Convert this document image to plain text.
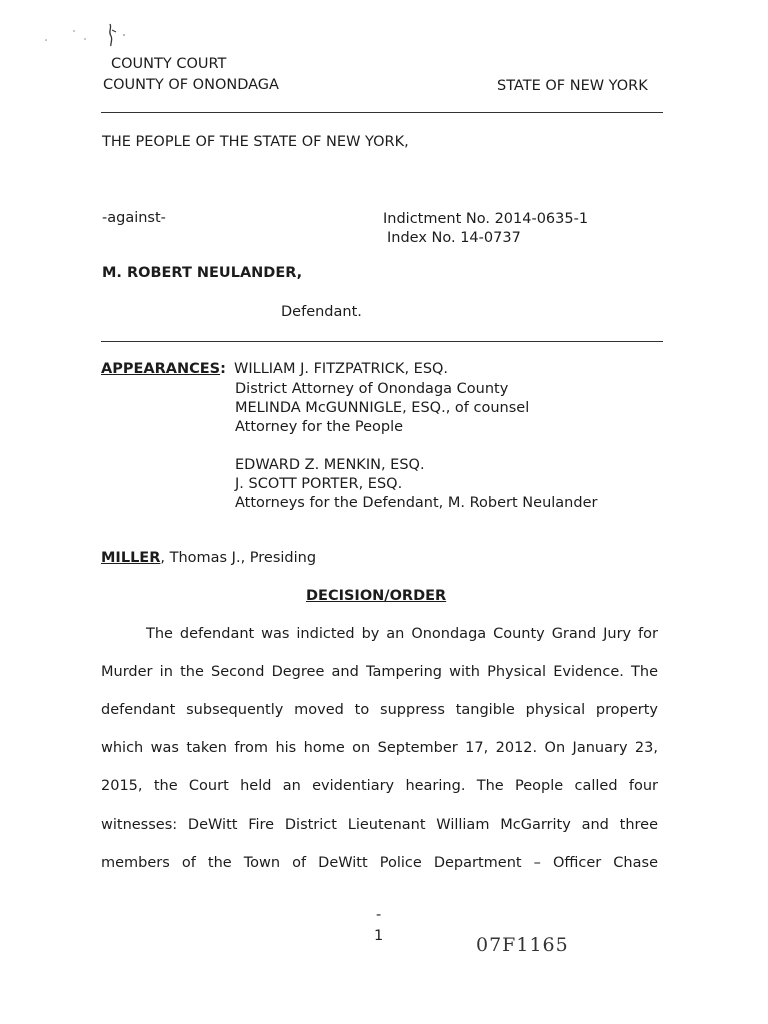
COUNTY COURT
COUNTY OF ONONDAGA	STATE OF NEW YORK
THE PEOPLE OF THE STATE OF NEW YORK,
-against-	Indictment No. 2014-0635-1
Index No. 14-0737
M. ROBERT NEULANDER,
Defendant.
APPEARANCES: WILLIAM J. FITZPATRICK, ESQ.
District Attorney of Onondaga County
MELINDA McGUNNIGLE, ESQ., of counsel
Attorney for the People
EDWARD Z. MENKIN, ESQ.
J. SCOTT PORTER, ESQ.
Attorneys for the Defendant, M. Robert Neulander
MILLER, Thomas J., Presiding
DECISION/ORDER
The defendant was indicted by an Onondaga County Grand Jury for
Murder in the Second Degree and Tampering with Physical Evidence. The
defendant subsequently moved to suppress tangible physical property
which was taken from his home on September 17, 2012. On January 23,
2015, the Court held an evidentiary hearing. The People called four
witnesses: DeWitt Fire District Lieutenant William McGarrity and three
members of the Town of DeWitt Police Department – Officer Chase
-
1	07F1165
